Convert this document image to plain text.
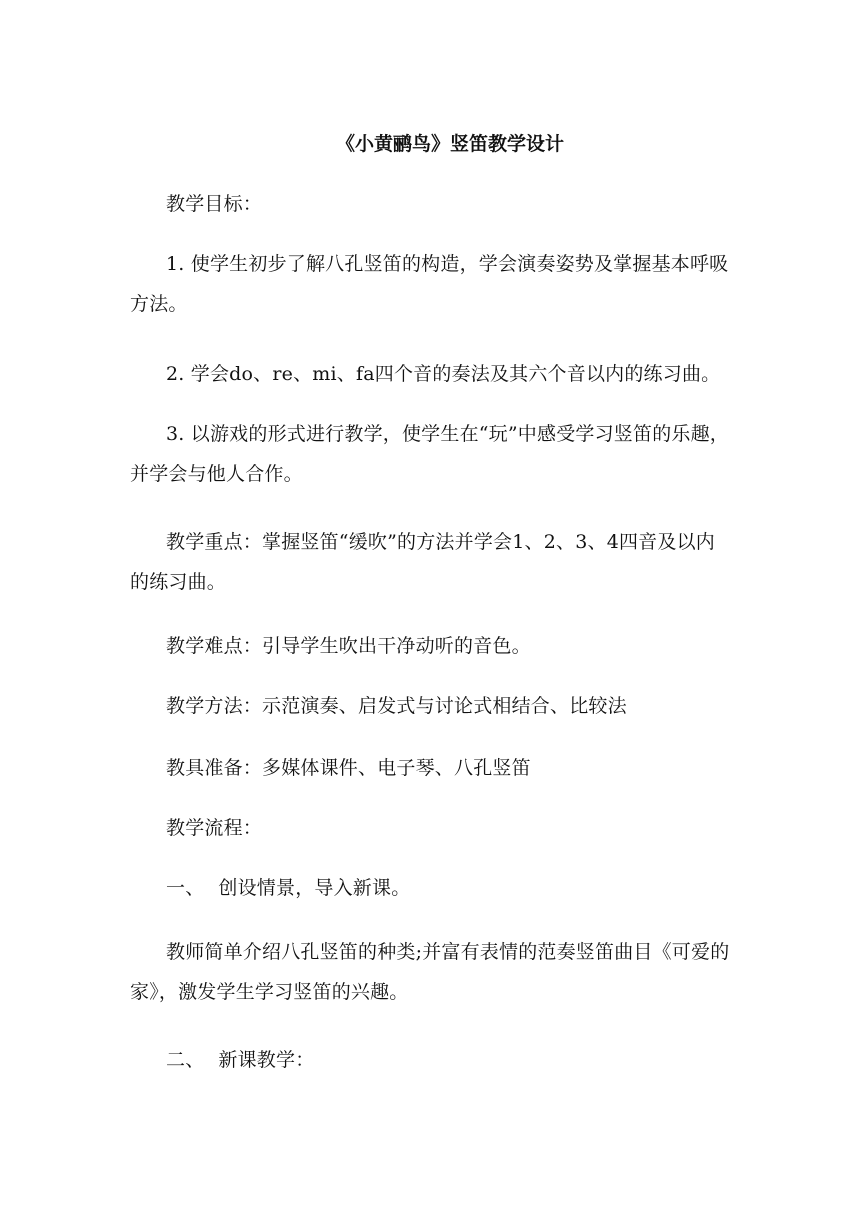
《小黄鹂鸟》竖笛教学设计
教学目标：
1. 使学生初步了解八孔竖笛的构造，学会演奏姿势及掌握基本呼吸方法。
2. 学会do、re、mi、fa四个音的奏法及其六个音以内的练习曲。
3. 以游戏的形式进行教学，使学生在“玩”中感受学习竖笛的乐趣，并学会与他人合作。
教学重点：掌握竖笛“缓吹”的方法并学会1、2、3、4四音及以内的练习曲。
教学难点：引导学生吹出干净动听的音色。
教学方法：示范演奏、启发式与讨论式相结合、比较法
教具准备：多媒体课件、电子琴、八孔竖笛
教学流程：
一、 创设情景，导入新课。
教师简单介绍八孔竖笛的种类;并富有表情的范奏竖笛曲目《可爱的家》，激发学生学习竖笛的兴趣。
二、 新课教学：
